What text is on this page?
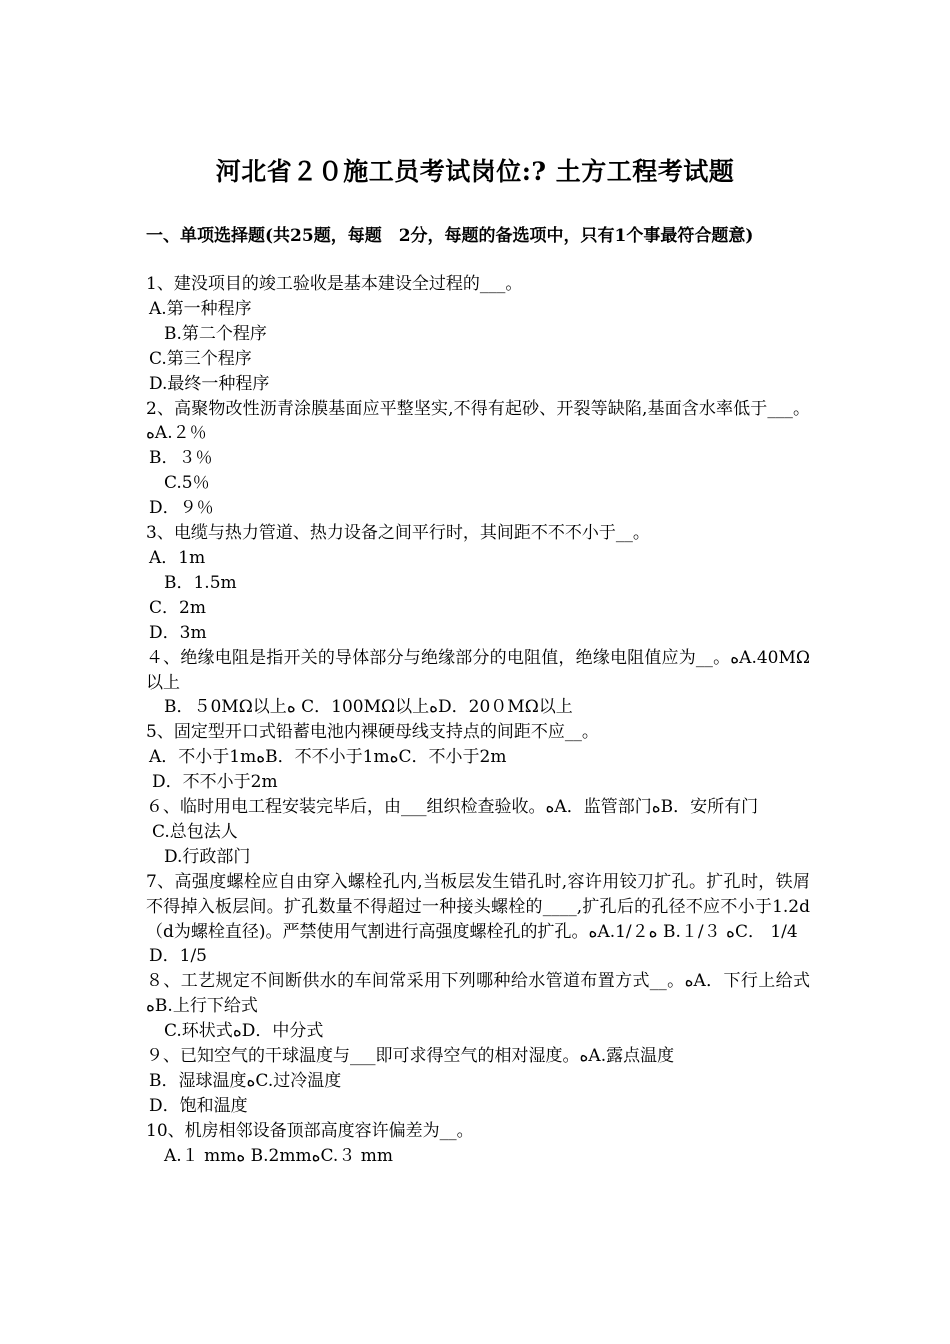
河北省２０施工员考试岗位:? 土方工程考试题
一、单项选择题(共25题，每题　2分，每题的备选项中，只有1个事最符合题意)
1、建没项目的竣工验收是基本建设全过程的___。
A.第一种程序
B.第二个程序
C.第三个程序
D.最终一种程序
2、高聚物改性沥青涂膜基面应平整坚实,不得有起砂、开裂等缺陷,基面含水率低于___。ﻩA.２％
B．３％
C.5％
D．９％
3、电缆与热力管道、热力设备之间平行时，其间距不不不小于__。
A．1m
B．1.5m
C．2m
D．3m
４、绝缘电阻是指开关的导体部分与绝缘部分的电阻值，绝缘电阻值应为__。ﻩA.40MΩ以上
B．５0MΩ以上ﻩ C．100MΩ以上ﻩD．20０MΩ以上
5、固定型开口式铅蓄电池内裸硬母线支持点的间距不应__。
A．不小于1mﻩB．不不小于1mﻩC．不小于2m
D．不不小于2m
６、临时用电工程安装完毕后，由___组织检查验收。ﻩA．监管部门ﻩB．安所有门
C.总包法人
D.行政部门
7、高强度螺栓应自由穿入螺栓孔内,当板层发生错孔时,容许用铰刀扩孔。扩孔时，铁屑不得掉入板层间。扩孔数量不得超过一种接头螺栓的____,扩孔后的孔径不应不小于1.2d（d为螺栓直径)。严禁使用气割进行高强度螺栓孔的扩孔。ﻩA.1/２ﻩ B.１/３ ﻩC． 1/4
D．1/5
８、工艺规定不间断供水的车间常采用下列哪种给水管道布置方式__。ﻩA．下行上给式ﻩB.上行下给式
C.环状式ﻩD．中分式
９、已知空气的干球温度与___即可求得空气的相对湿度。ﻩA.露点温度
B．湿球温度ﻩC.过冷温度
D．饱和温度
10、机房相邻设备顶部高度容许偏差为__。
A.１ mmﻩ B.2mmﻩC.３ mm
